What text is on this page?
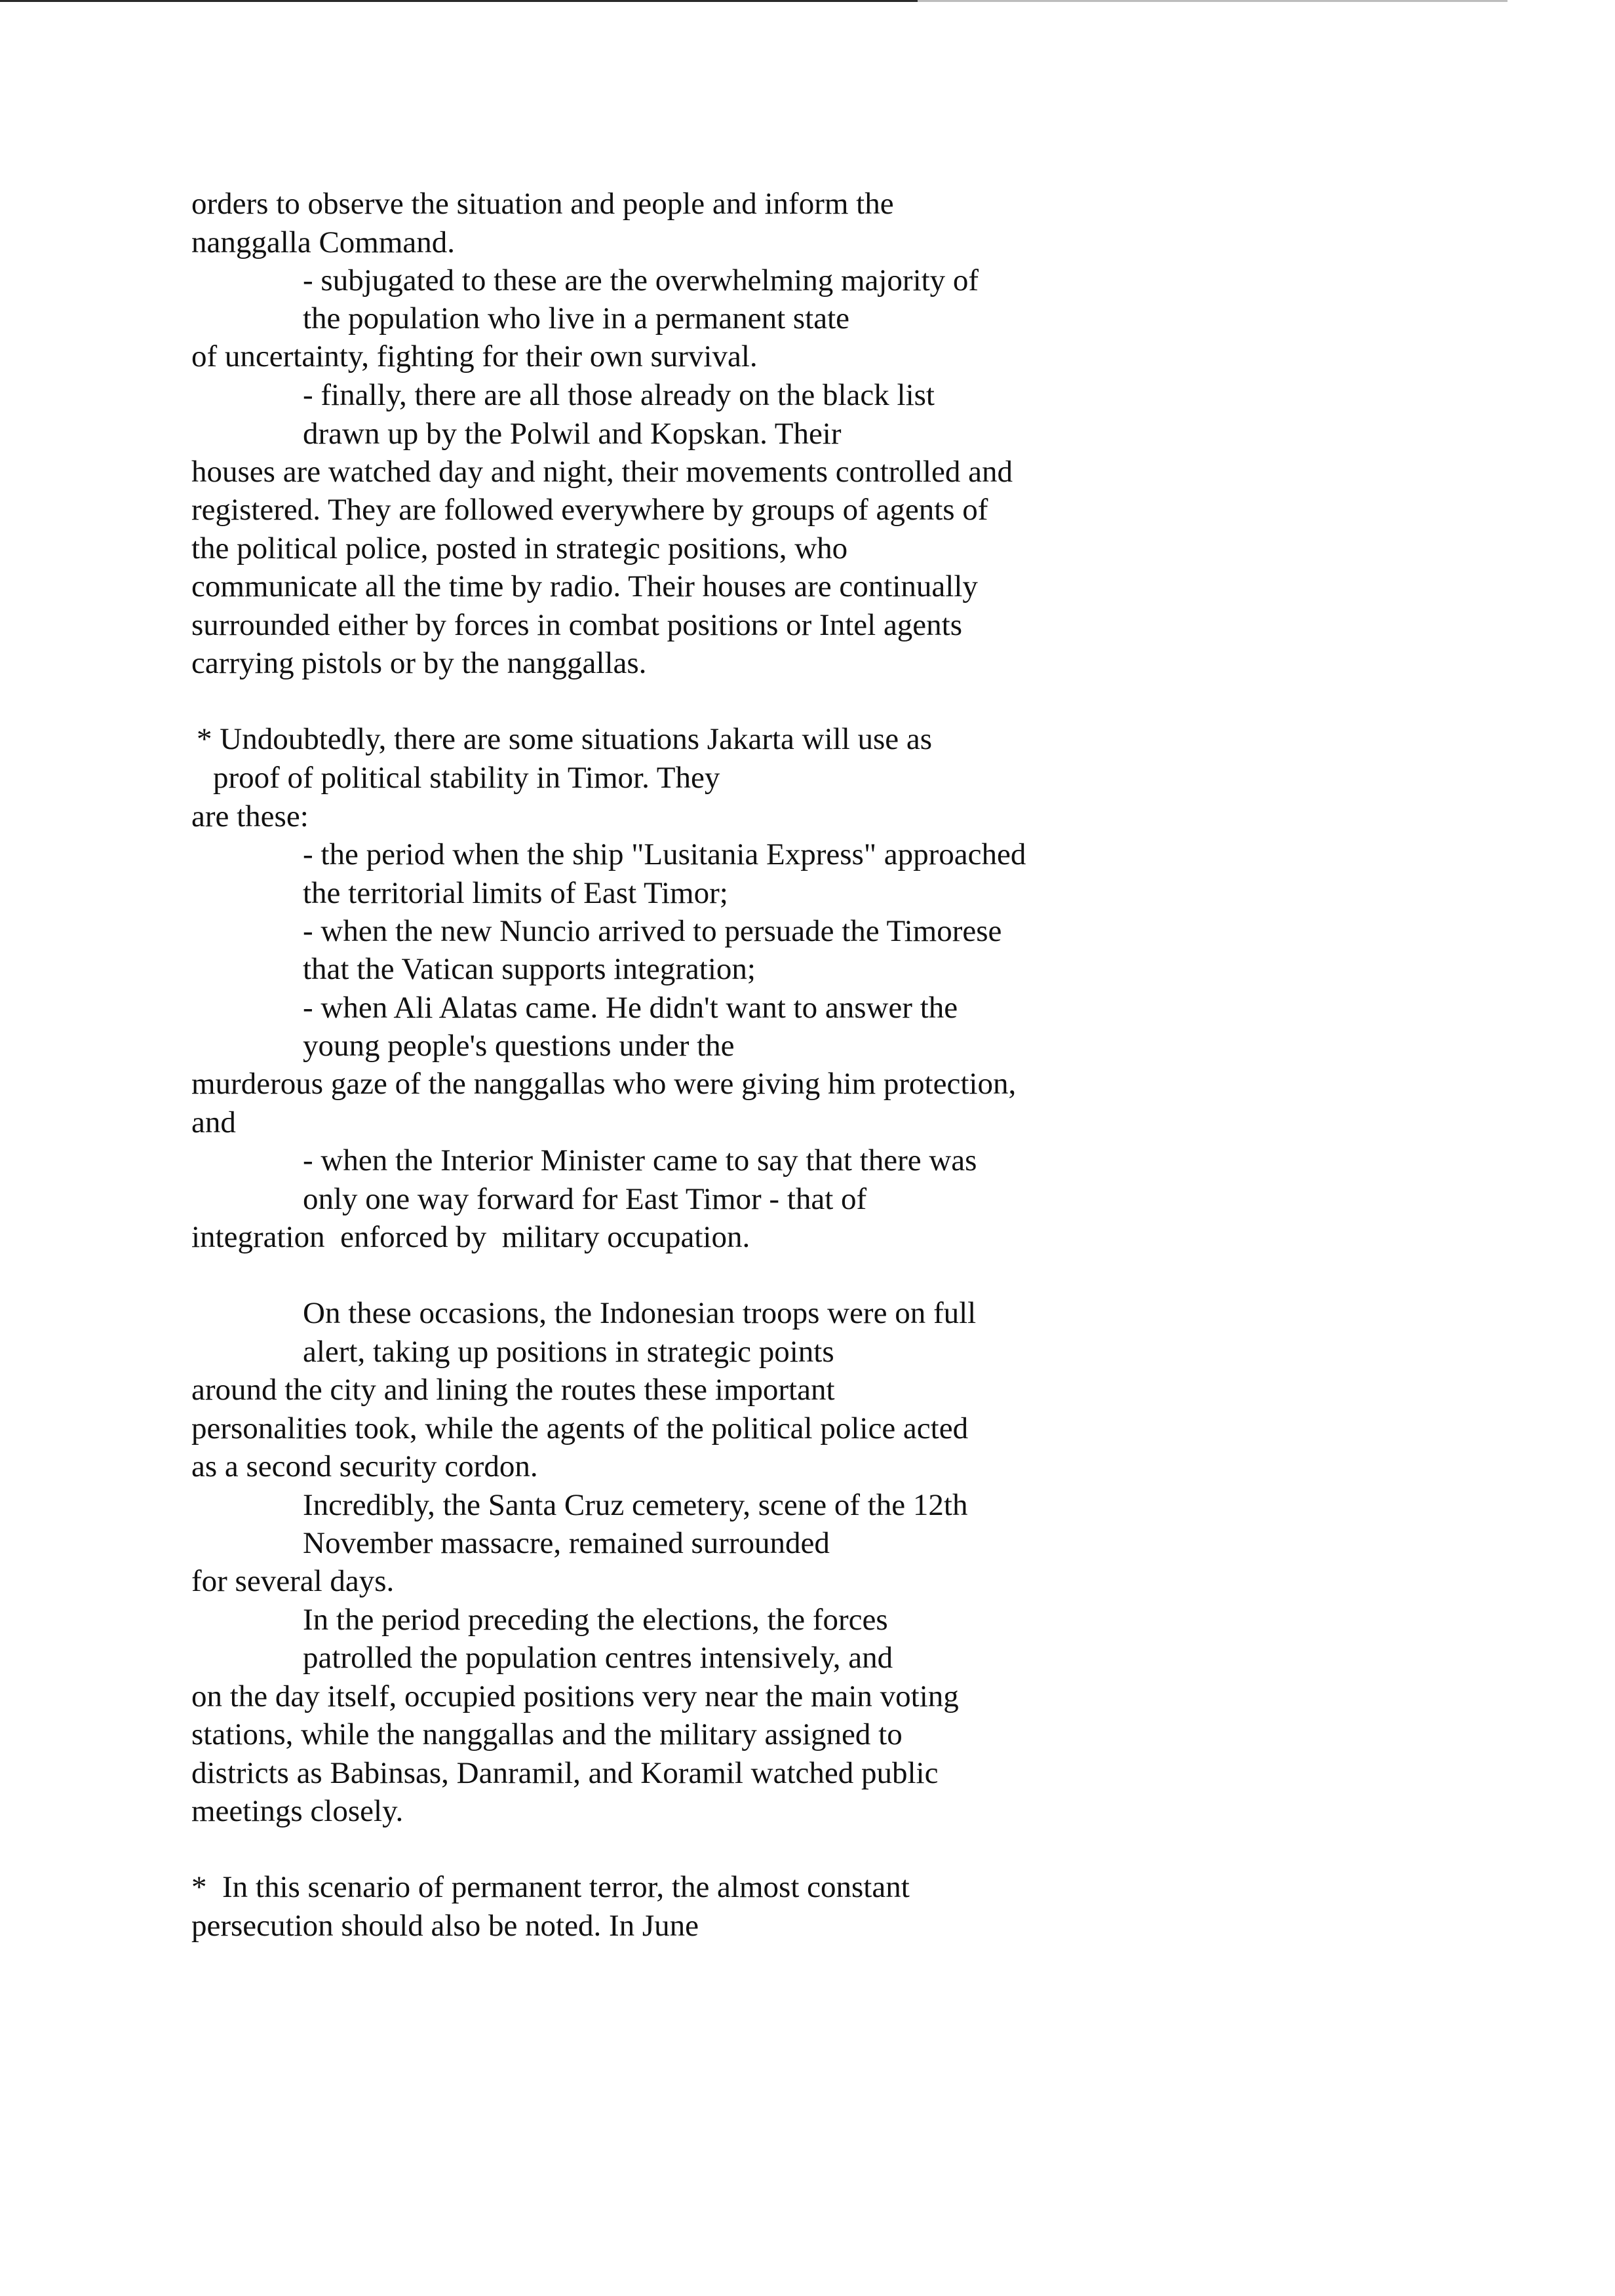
orders to observe the situation and people and inform the
nanggalla Command.
- subjugated to these are the overwhelming majority of
the population who live in a permanent state
of uncertainty, fighting for their own survival.
- finally, there are all those already on the black list
drawn up by the Polwil and Kopskan. Their
houses are watched day and night, their movements controlled and
registered. They are followed everywhere by groups of agents of
the political police, posted in strategic positions, who
communicate all the time by radio. Their houses are continually
surrounded either by forces in combat positions or Intel agents
carrying pistols or by the nanggallas.
* Undoubtedly, there are some situations Jakarta will use as
proof of political stability in Timor. They
are these:
- the period when the ship "Lusitania Express" approached
the territorial limits of East Timor;
- when the new Nuncio arrived to persuade the Timorese
that the Vatican supports integration;
- when Ali Alatas came. He didn't want to answer the
young people's questions under the
murderous gaze of the nanggallas who were giving him protection,
and
- when the Interior Minister came to say that there was
only one way forward for East Timor - that of
integration  enforced by  military occupation.
On these occasions, the Indonesian troops were on full
alert, taking up positions in strategic points
around the city and lining the routes these important
personalities took, while the agents of the political police acted
as a second security cordon.
Incredibly, the Santa Cruz cemetery, scene of the 12th
November massacre, remained surrounded
for several days.
In the period preceding the elections, the forces
patrolled the population centres intensively, and
on the day itself, occupied positions very near the main voting
stations, while the nanggallas and the military assigned to
districts as Babinsas, Danramil, and Koramil watched public
meetings closely.
*  In this scenario of permanent terror, the almost constant
persecution should also be noted. In June
